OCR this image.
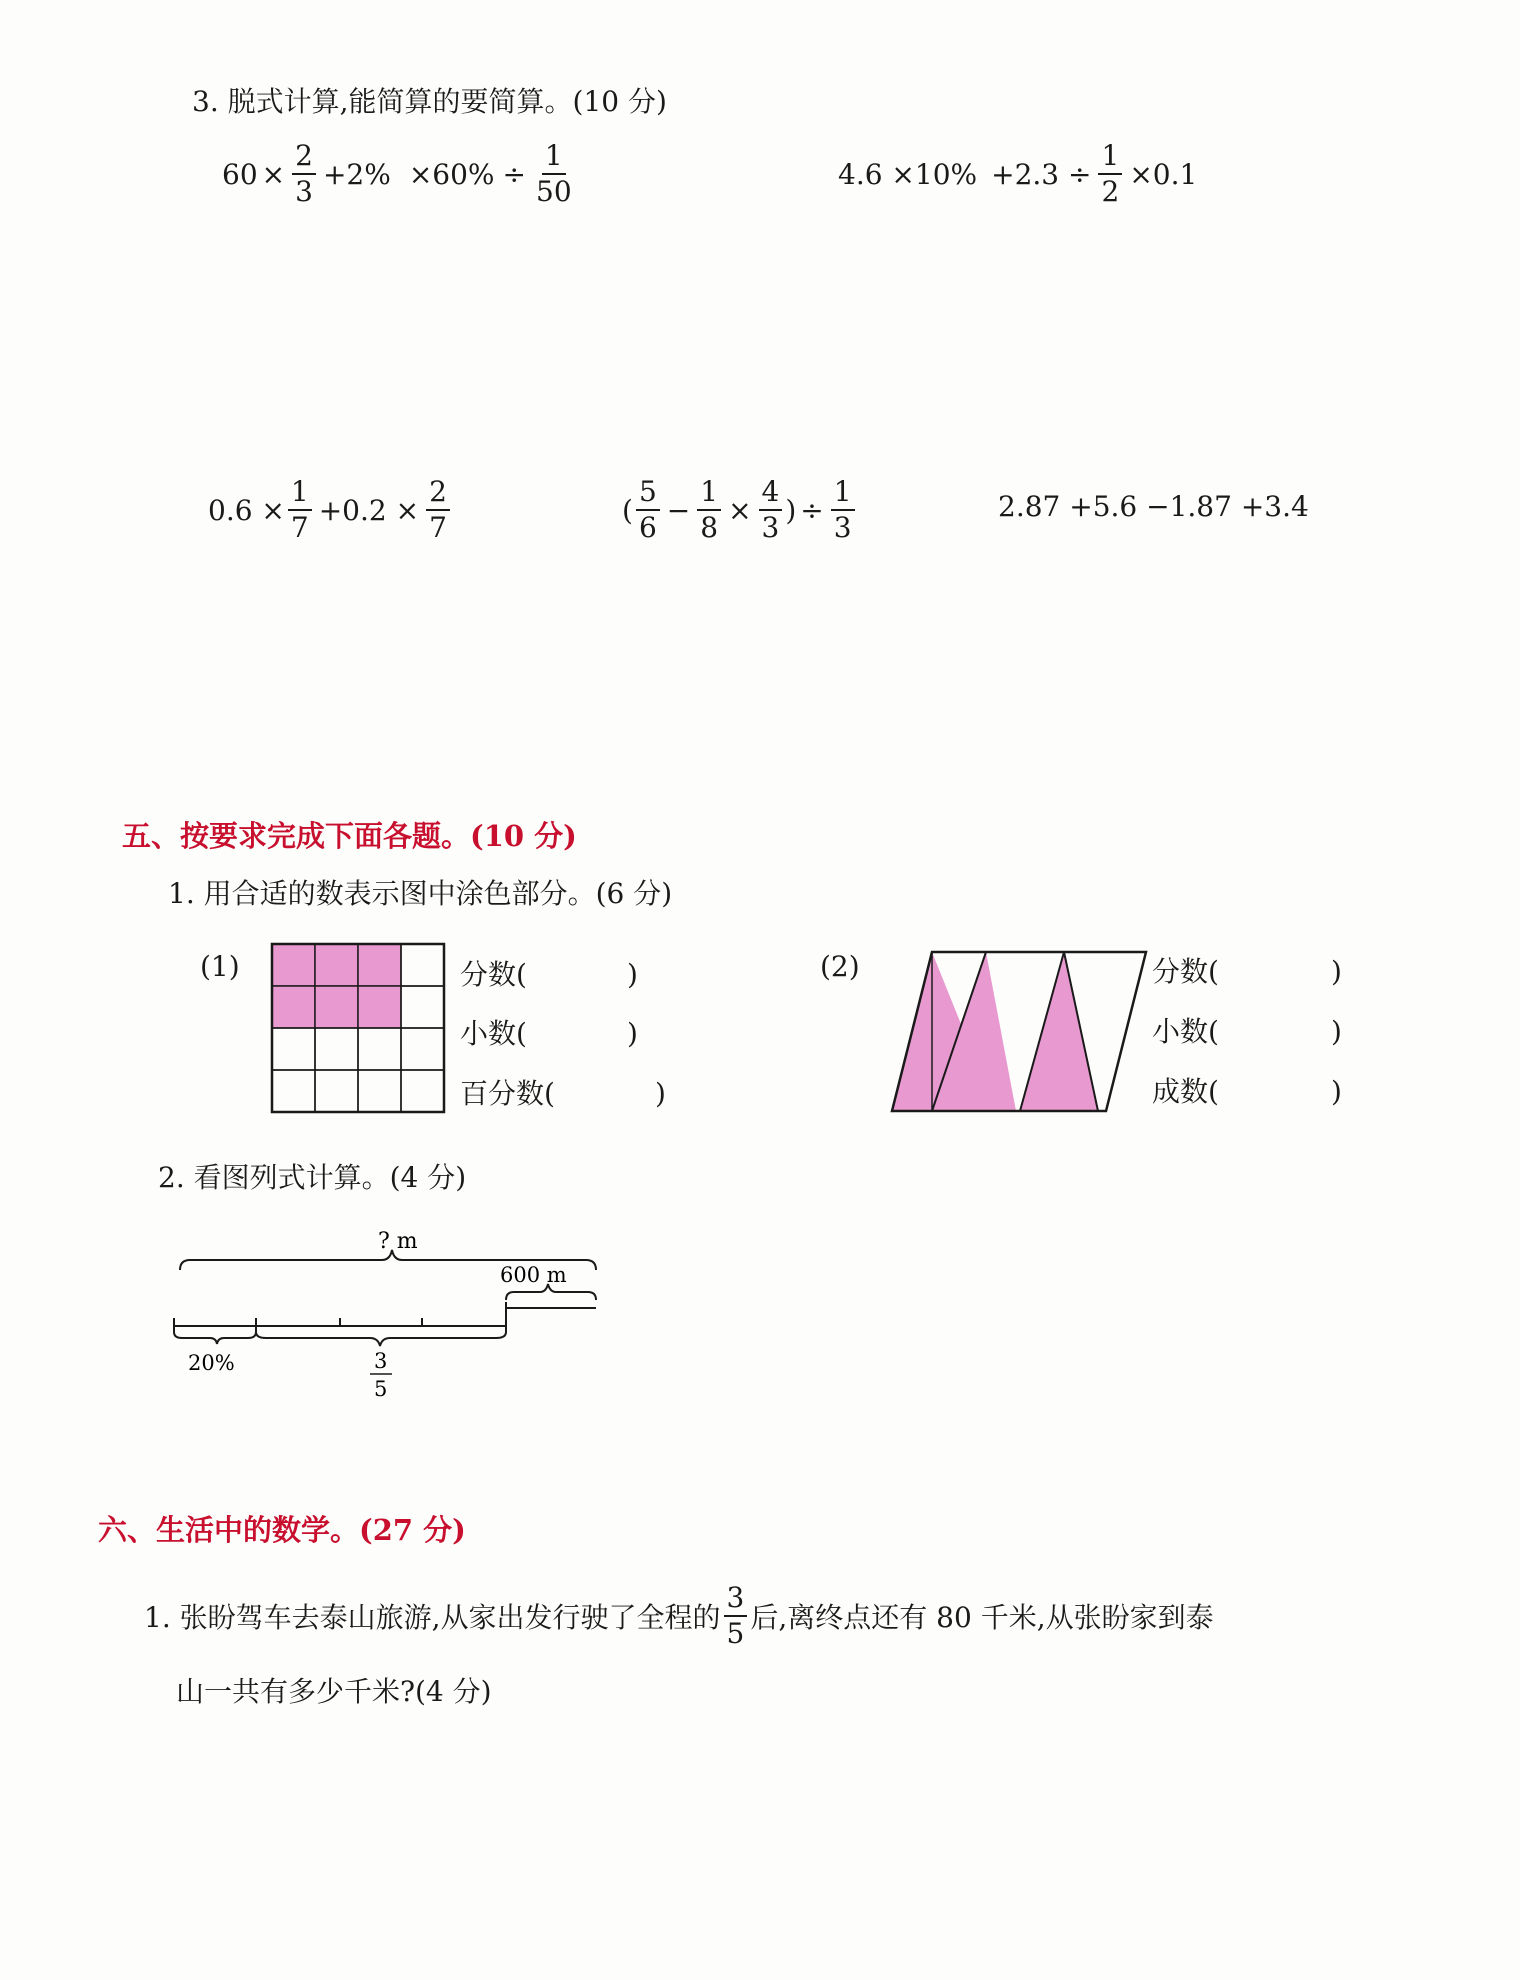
3. 脱式计算,能简算的要简算。(10 分)
$60 \times \frac{2}{3} +2\% \times 60\% \div \frac{1}{50}$	$4.6 \times 10\% +2.3 \div \frac{1}{2} \times 0.1$
$0.6 \times \frac{1}{7} +0.2 \times \frac{2}{7}$	( $\frac{5}{6} - \frac{1}{8} \times \frac{4}{3}$ ) ÷ $\frac{1}{3}$	2.87 +5.6 −1.87 +3.4
五、按要求完成下面各题。(10 分)
1. 用合适的数表示图中涂色部分。(6 分)
(1)	分数(	)
小数(	)
百分数(	)
(2)	分数(	)
小数(	)
成数(	)
2. 看图列式计算。(4 分)
? m
600 m
20%	3
5
六、生活中的数学。(27 分)
1. 张盼驾车去泰山旅游,从家出发行驶了全程的 $\frac{3}{5}$ 后,离终点还有 80 千米,从张盼家到泰
山一共有多少千米?(4 分)
